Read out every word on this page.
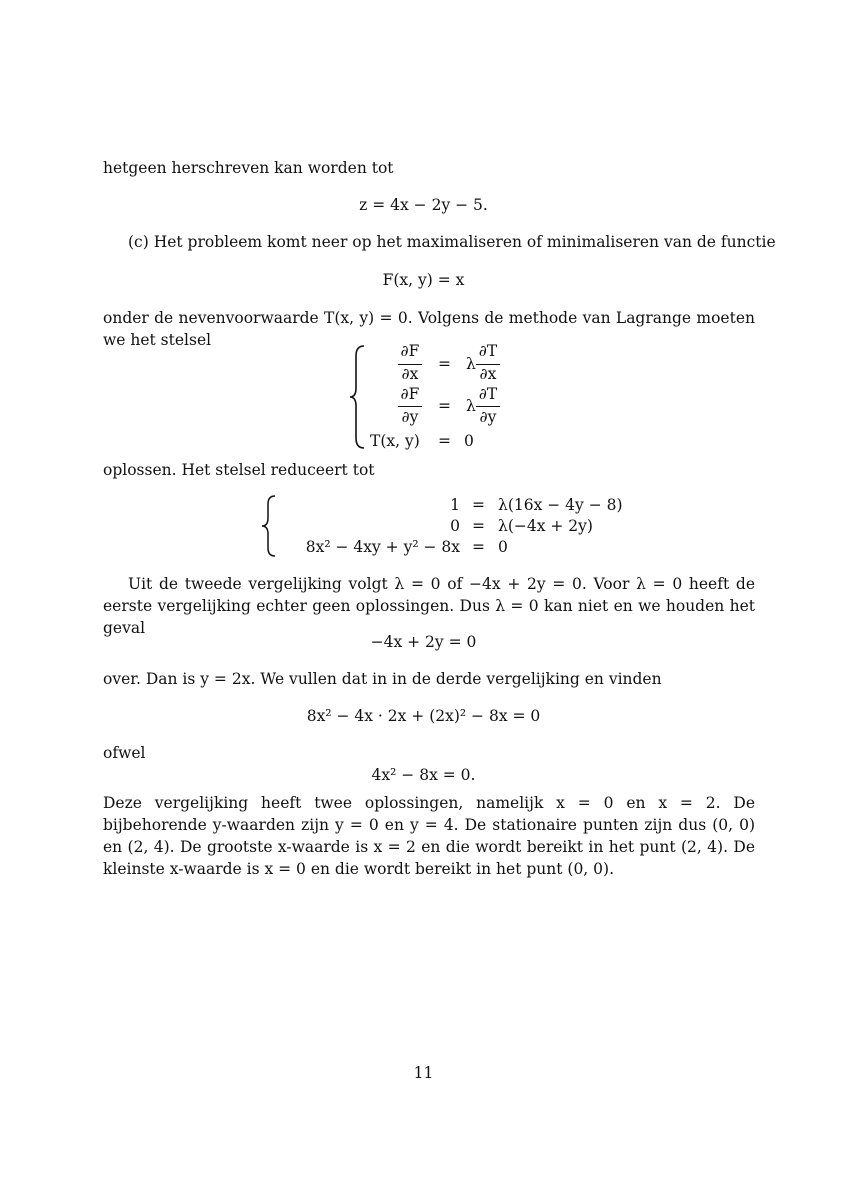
hetgeen herschreven kan worden tot
z = 4x − 2y − 5.
(c) Het probleem komt neer op het maximaliseren of minimaliseren van de functie
F(x, y) = x
onder de nevenvoorwaarde T(x, y) = 0. Volgens de methode van Lagrange moeten we het stelsel
∂F
∂x
= λ
∂T
∂x
∂F
∂y
= λ
∂T
∂y
T(x, y) = 0
oplossen. Het stelsel reduceert tot
1 = λ(16x − 4y − 8)
0 = λ(−4x + 2y)
8x² − 4xy + y² − 8x = 0
Uit de tweede vergelijking volgt λ = 0 of −4x + 2y = 0. Voor λ = 0 heeft de eerste vergelijking echter geen oplossingen. Dus λ = 0 kan niet en we houden het geval
−4x + 2y = 0
over. Dan is y = 2x. We vullen dat in in de derde vergelijking en vinden
8x² − 4x · 2x + (2x)² − 8x = 0
ofwel
4x² − 8x = 0.
Deze vergelijking heeft twee oplossingen, namelijk x = 0 en x = 2. De bijbehorende y-waarden zijn y = 0 en y = 4. De stationaire punten zijn dus (0, 0) en (2, 4). De grootste x-waarde is x = 2 en die wordt bereikt in het punt (2, 4). De kleinste x-waarde is x = 0 en die wordt bereikt in het punt (0, 0).
11
